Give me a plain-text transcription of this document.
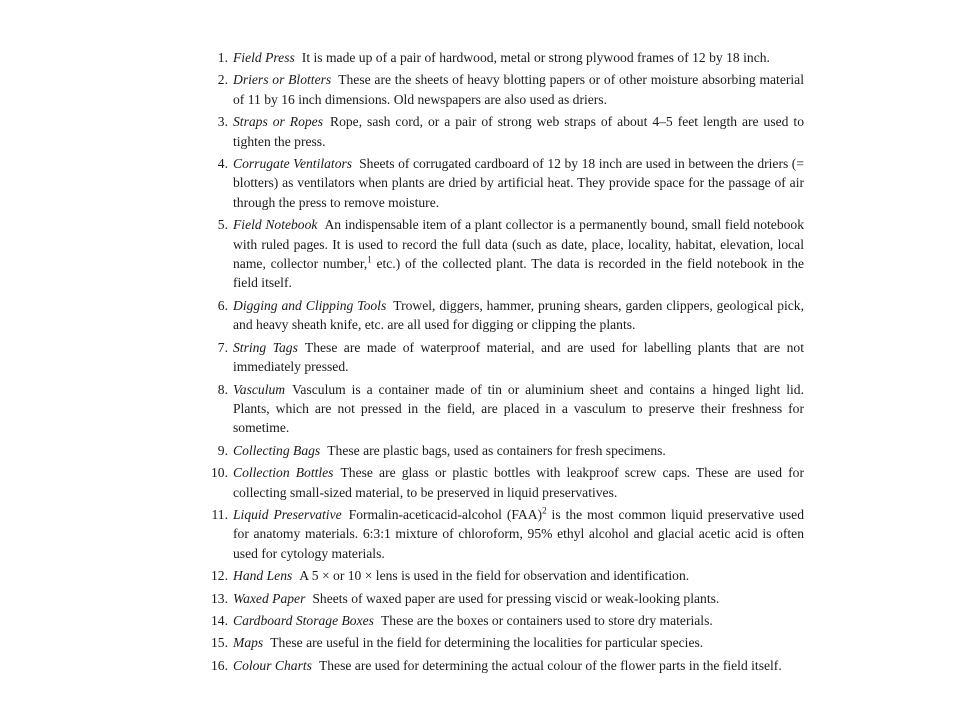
1. Field Press It is made up of a pair of hardwood, metal or strong plywood frames of 12 by 18 inch.
2. Driers or Blotters These are the sheets of heavy blotting papers or of other moisture absorbing material of 11 by 16 inch dimensions. Old newspapers are also used as driers.
3. Straps or Ropes Rope, sash cord, or a pair of strong web straps of about 4–5 feet length are used to tighten the press.
4. Corrugate Ventilators Sheets of corrugated cardboard of 12 by 18 inch are used in between the driers (= blotters) as ventilators when plants are dried by artificial heat. They provide space for the passage of air through the press to remove moisture.
5. Field Notebook An indispensable item of a plant collector is a permanently bound, small field notebook with ruled pages. It is used to record the full data (such as date, place, locality, habitat, elevation, local name, collector number,$^1$ etc.) of the collected plant. The data is recorded in the field notebook in the field itself.
6. Digging and Clipping Tools Trowel, diggers, hammer, pruning shears, garden clippers, geological pick, and heavy sheath knife, etc. are all used for digging or clipping the plants.
7. String Tags These are made of waterproof material, and are used for labelling plants that are not immediately pressed.
8. Vasculum Vasculum is a container made of tin or aluminium sheet and contains a hinged light lid. Plants, which are not pressed in the field, are placed in a vasculum to preserve their freshness for sometime.
9. Collecting Bags These are plastic bags, used as containers for fresh specimens.
10. Collection Bottles These are glass or plastic bottles with leakproof screw caps. These are used for collecting small-sized material, to be preserved in liquid preservatives.
11. Liquid Preservative Formalin-aceticacid-alcohol (FAA)$^2$ is the most common liquid preservative used for anatomy materials. 6:3:1 mixture of chloroform, 95% ethyl alcohol and glacial acetic acid is often used for cytology materials.
12. Hand Lens A 5 × or 10 × lens is used in the field for observation and identification.
13. Waxed Paper Sheets of waxed paper are used for pressing viscid or weak-looking plants.
14. Cardboard Storage Boxes These are the boxes or containers used to store dry materials.
15. Maps These are useful in the field for determining the localities for particular species.
16. Colour Charts These are used for determining the actual colour of the flower parts in the field itself.
